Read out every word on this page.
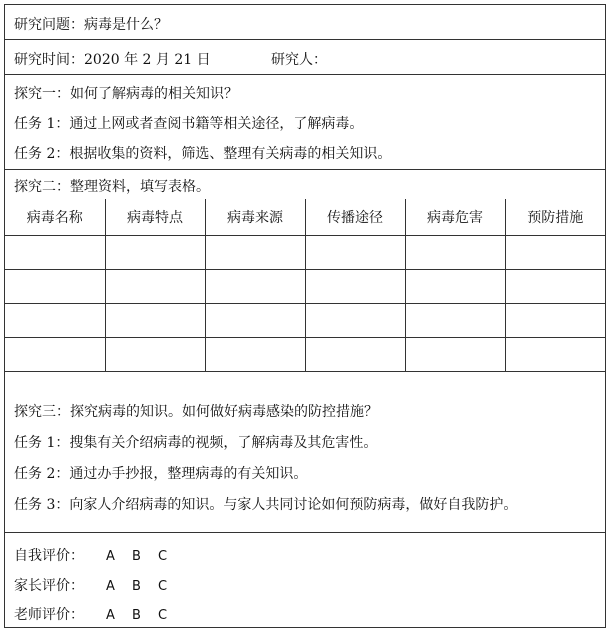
研究问题：病毒是什么？
研究时间：2020 年 2 月 21 日	研究人：
探究一：如何了解病毒的相关知识？
任务 1：通过上网或者查阅书籍等相关途径，了解病毒。
任务 2：根据收集的资料，筛选、整理有关病毒的相关知识。
探究二：整理资料，填写表格。
病毒名称	病毒特点	病毒来源	传播途径	病毒危害	预防措施

探究三：探究病毒的知识。如何做好病毒感染的防控措施？
任务 1：搜集有关介绍病毒的视频，了解病毒及其危害性。
任务 2：通过办手抄报，整理病毒的有关知识。
任务 3：向家人介绍病毒的知识。与家人共同讨论如何预防病毒，做好自我防护。
自我评价： A B C
家长评价： A B C
老师评价： A B C
